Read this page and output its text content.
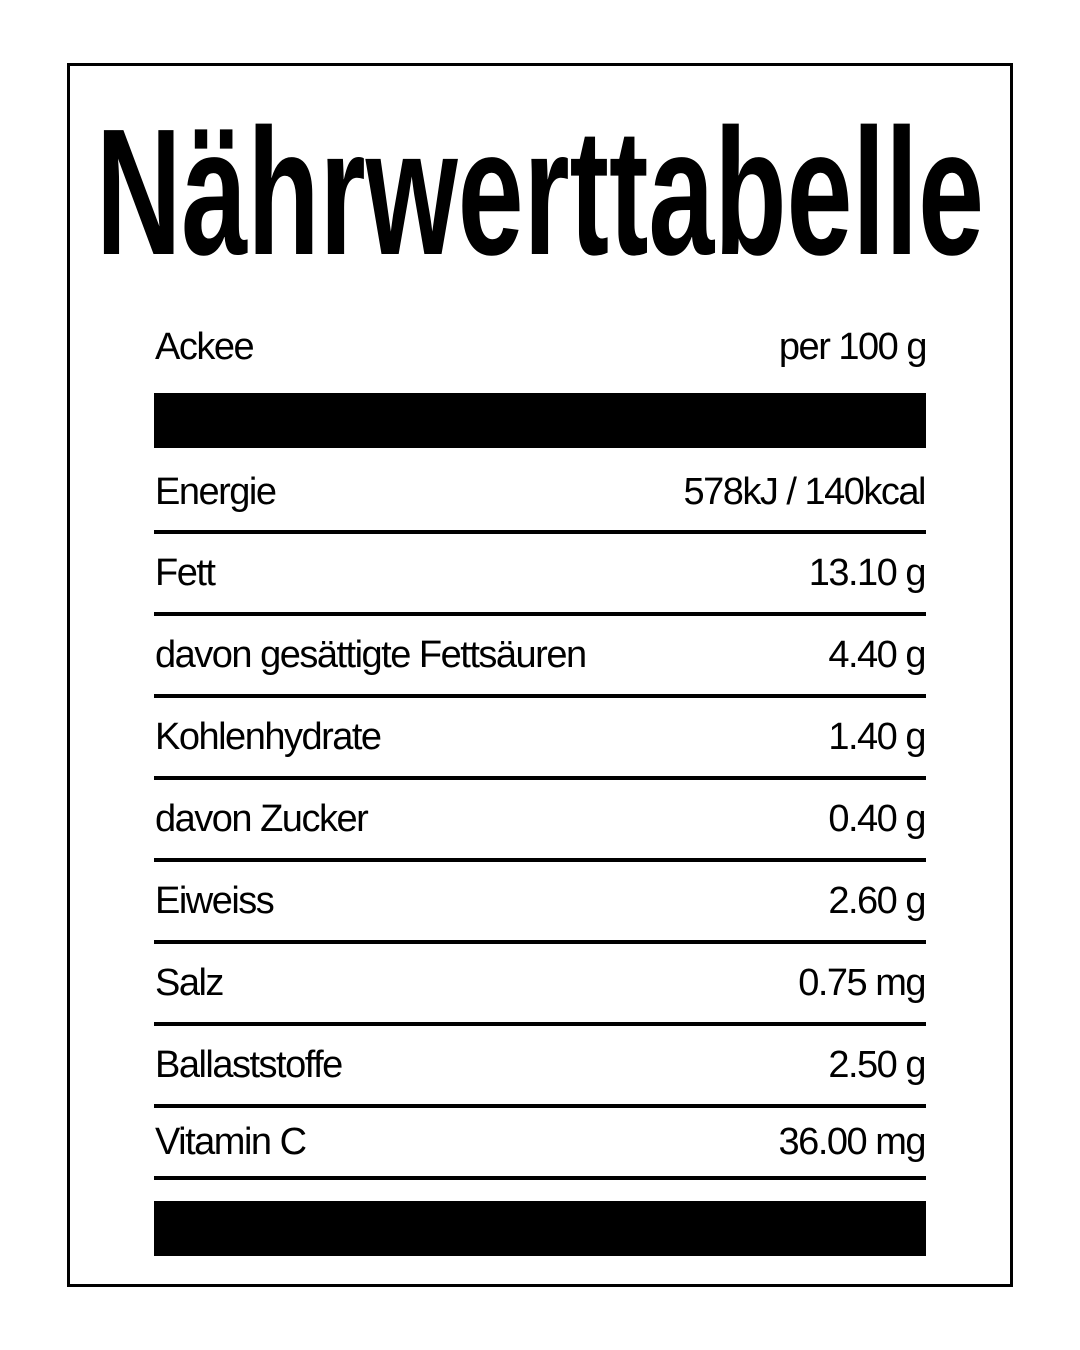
Nährwerttabelle
Ackee	per 100 g
Energie	578kJ / 140kcal
Fett	13.10 g
davon gesättigte Fettsäuren	4.40 g
Kohlenhydrate	1.40 g
davon Zucker	0.40 g
Eiweiss	2.60 g
Salz	0.75 mg
Ballaststoffe	2.50 g
Vitamin C	36.00 mg
